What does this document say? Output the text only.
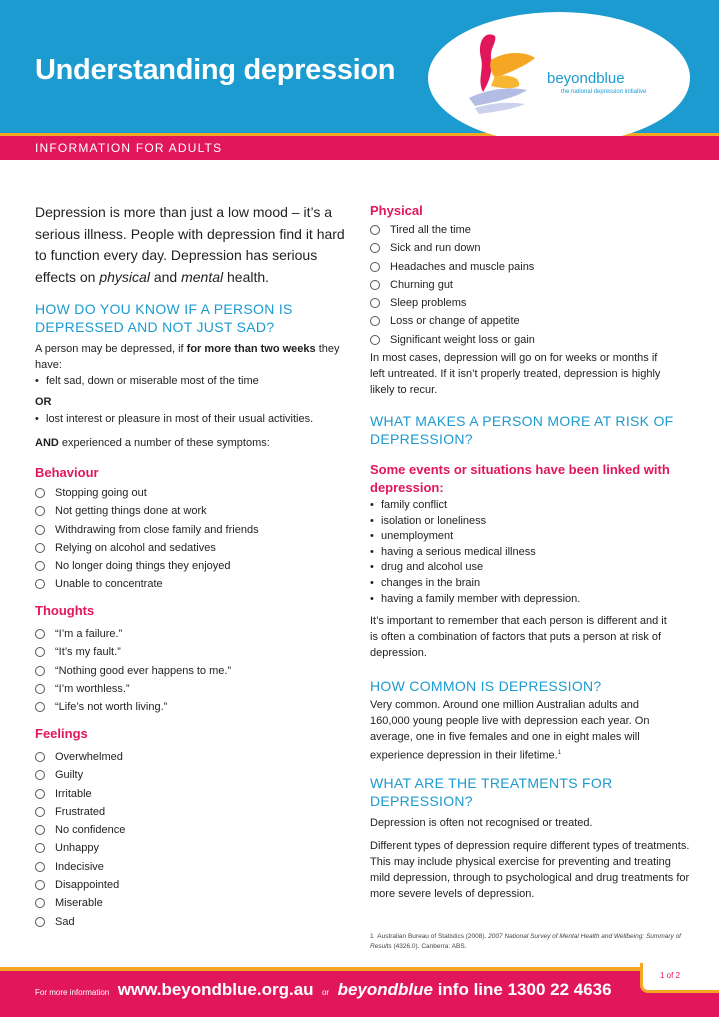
Understanding depression	beyondblue
the national depression initiative
INFORMATION FOR ADULTS
Depression is more than just a low mood – it’s a serious illness. People with depression find it hard to function every day. Depression has serious effects on physical and mental health.
HOW DO YOU KNOW IF A PERSON IS DEPRESSED AND NOT JUST SAD?
A person may be depressed, if for more than two weeks they have:
• felt sad, down or miserable most of the time
OR
• lost interest or pleasure in most of their usual activities.
AND experienced a number of these symptoms:
Behaviour
Stopping going out
Not getting things done at work
Withdrawing from close family and friends
Relying on alcohol and sedatives
No longer doing things they enjoyed
Unable to concentrate
Thoughts
“I’m a failure.”
“It’s my fault.”
“Nothing good ever happens to me.”
“I’m worthless.”
“Life’s not worth living.”
Feelings
Overwhelmed
Guilty
Irritable
Frustrated
No confidence
Unhappy
Indecisive
Disappointed
Miserable
Sad
Physical
Tired all the time
Sick and run down
Headaches and muscle pains
Churning gut
Sleep problems
Loss or change of appetite
Significant weight loss or gain
In most cases, depression will go on for weeks or months if left untreated. If it isn’t properly treated, depression is highly likely to recur.
WHAT MAKES A PERSON MORE AT RISK OF DEPRESSION?
Some events or situations have been linked with depression:
• family conflict
• isolation or loneliness
• unemployment
• having a serious medical illness
• drug and alcohol use
• changes in the brain
• having a family member with depression.
It’s important to remember that each person is different and it is often a combination of factors that puts a person at risk of depression.
HOW COMMON IS DEPRESSION?
Very common. Around one million Australian adults and 160,000 young people live with depression each year. On average, one in five females and one in eight males will experience depression in their lifetime.$^1$
WHAT ARE THE TREATMENTS FOR DEPRESSION?
Depression is often not recognised or treated.
Different types of depression require different types of treatments. This may include physical exercise for preventing and treating mild depression, through to psychological and drug treatments for more severe levels of depression.
1 Australian Bureau of Statistics (2008). 2007 National Survey of Mental Health and Wellbeing: Summary of Results (4326.0). Canberra: ABS.
1 of 2
For more information www.beyondblue.org.au or beyondblue info line 1300 22 4636
